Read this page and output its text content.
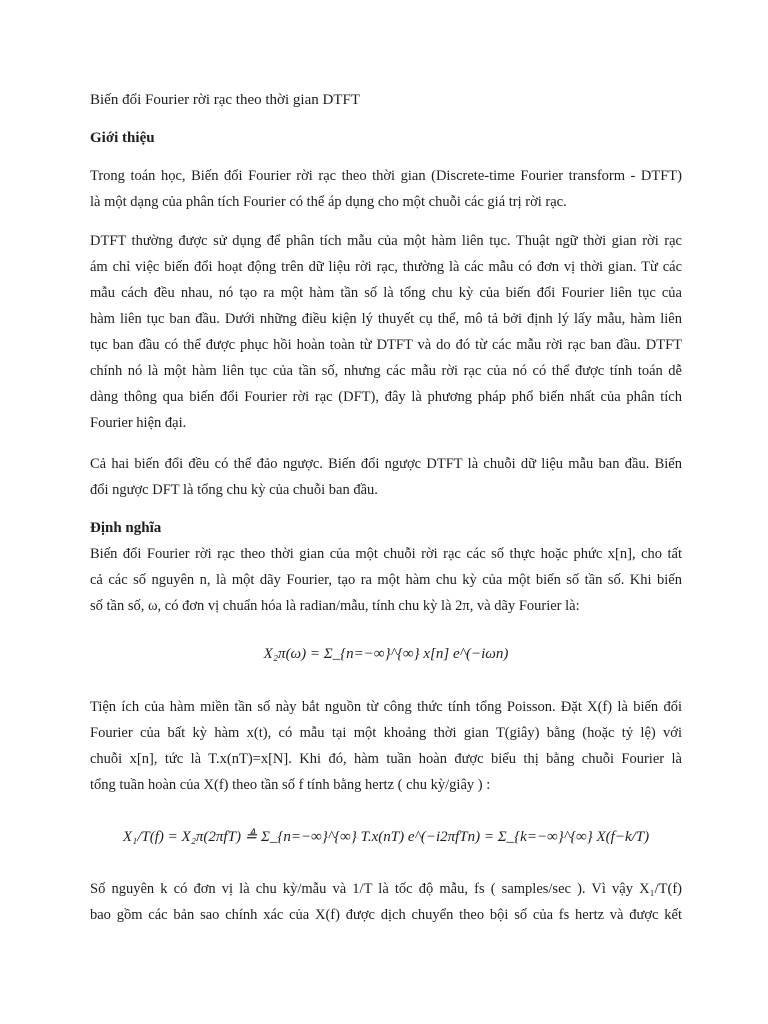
Biến đổi Fourier rời rạc theo thời gian DTFT
Giới thiệu
Trong toán học, Biến đổi Fourier rời rạc theo thời gian (Discrete-time Fourier transform - DTFT)
là một dạng của phân tích Fourier có thể áp dụng cho một chuỗi các giá trị rời rạc.
DTFT thường được sử dụng để phân tích mẫu của một hàm liên tục. Thuật ngữ thời gian rời rạc
ám chỉ việc biến đổi hoạt động trên dữ liệu rời rạc, thường là các mẫu có đơn vị thời gian. Từ các
mẫu cách đều nhau, nó tạo ra một hàm tần số là tổng chu kỳ của biến đổi Fourier liên tục của
hàm liên tục ban đầu. Dưới những điều kiện lý thuyết cụ thể, mô tả bởi định lý lấy mẫu, hàm liên
tục ban đầu có thể được phục hồi hoàn toàn từ DTFT và do đó từ các mẫu rời rạc ban đầu. DTFT
chính nó là một hàm liên tục của tần số, nhưng các mẫu rời rạc của nó có thể được tính toán dễ
dàng thông qua biến đổi Fourier rời rạc (DFT), đây là phương pháp phổ biến nhất của phân tích
Fourier hiện đại.
Cả hai biến đổi đều có thể đảo ngược. Biến đổi ngược DTFT là chuỗi dữ liệu mẫu ban đầu. Biến
đổi ngược DFT là tổng chu kỳ của chuỗi ban đầu.
Định nghĩa
Biến đổi Fourier rời rạc theo thời gian của một chuỗi rời rạc các số thực hoặc phức x[n], cho tất
cả các số nguyên n, là một dãy Fourier, tạo ra một hàm chu kỳ của một biến số tần số. Khi biến
số tần số, ω, có đơn vị chuẩn hóa là radian/mẫu, tính chu kỳ là 2π, và dãy Fourier là:
X₂π(ω) = Σ_{n=−∞}^{∞} x[n] e^(−iωn)
Tiện ích của hàm miền tần số này bắt nguồn từ công thức tính tổng Poisson. Đặt X(f) là biến đổi
Fourier của bất kỳ hàm x(t), có mẫu tại một khoảng thời gian T(giây) bằng (hoặc tỷ lệ) với
chuỗi x[n], tức là T.x(nT)=x[N]. Khi đó, hàm tuần hoàn được biểu thị bằng chuỗi Fourier là
tổng tuần hoàn của X(f) theo tần số f tính bằng hertz ( chu kỳ/giây ) :
X₁/T(f) = X₂π(2πfT) ≜ Σ_{n=−∞}^{∞} T.x(nT) e^(−i2πfTn) = Σ_{k=−∞}^{∞} X(f−k/T)
Số nguyên k có đơn vị là chu kỳ/mẫu và 1/T là tốc độ mẫu, fs ( samples/sec ). Vì vậy X₁/T(f)
bao gồm các bản sao chính xác của X(f) được dịch chuyển theo bội số của fs hertz và được kết
